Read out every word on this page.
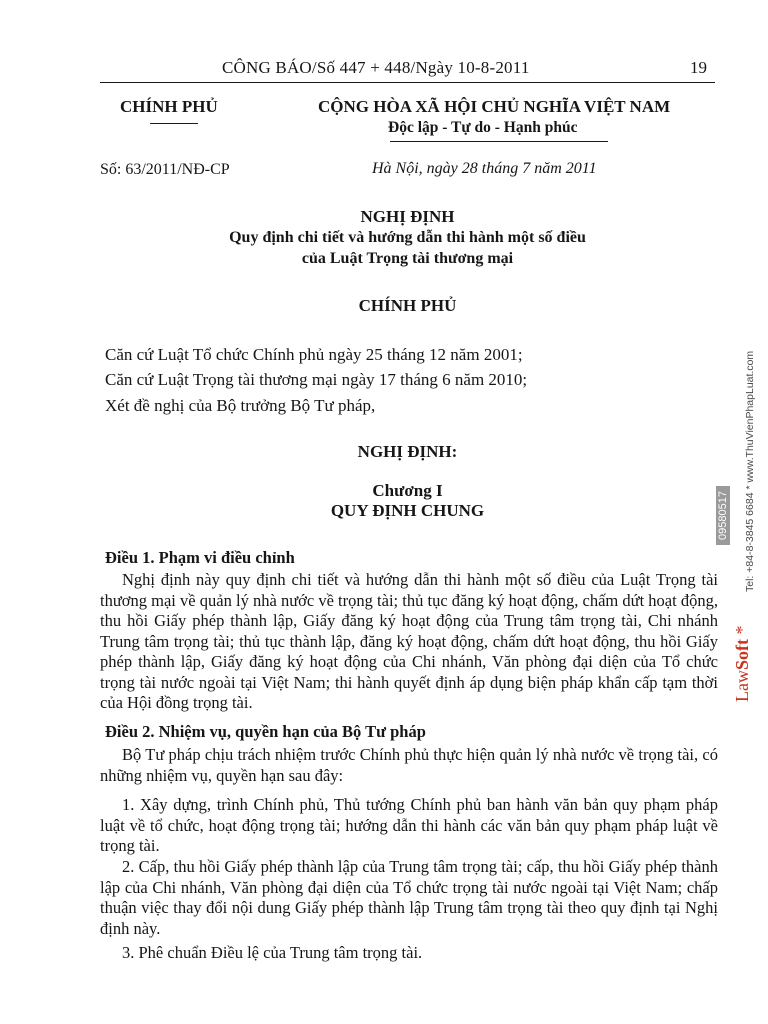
CÔNG BÁO/Số 447 + 448/Ngày 10-8-2011	19
CHÍNH PHỦ	CỘNG HÒA XÃ HỘI CHỦ NGHĨA VIỆT NAM
Độc lập - Tự do - Hạnh phúc
Số: 63/2011/NĐ-CP	Hà Nội, ngày 28 tháng 7 năm 2011
NGHỊ ĐỊNH
Quy định chi tiết và hướng dẫn thi hành một số điều
của Luật Trọng tài thương mại
CHÍNH PHỦ
Căn cứ Luật Tổ chức Chính phủ ngày 25 tháng 12 năm 2001;
Căn cứ Luật Trọng tài thương mại ngày 17 tháng 6 năm 2010;
Xét đề nghị của Bộ trưởng Bộ Tư pháp,
NGHỊ ĐỊNH:
Chương I
QUY ĐỊNH CHUNG
Điều 1. Phạm vi điều chỉnh
Nghị định này quy định chi tiết và hướng dẫn thi hành một số điều của Luật Trọng tài thương mại về quản lý nhà nước về trọng tài; thủ tục đăng ký hoạt động, chấm dứt hoạt động, thu hồi Giấy phép thành lập, Giấy đăng ký hoạt động của Trung tâm trọng tài, Chi nhánh Trung tâm trọng tài; thủ tục thành lập, đăng ký hoạt động, chấm dứt hoạt động, thu hồi Giấy phép thành lập, Giấy đăng ký hoạt động của Chi nhánh, Văn phòng đại diện của Tổ chức trọng tài nước ngoài tại Việt Nam; thi hành quyết định áp dụng biện pháp khẩn cấp tạm thời của Hội đồng trọng tài.
Điều 2. Nhiệm vụ, quyền hạn của Bộ Tư pháp
Bộ Tư pháp chịu trách nhiệm trước Chính phủ thực hiện quản lý nhà nước về trọng tài, có những nhiệm vụ, quyền hạn sau đây:
1. Xây dựng, trình Chính phủ, Thủ tướng Chính phủ ban hành văn bản quy phạm pháp luật về tổ chức, hoạt động trọng tài; hướng dẫn thi hành các văn bản quy phạm pháp luật về trọng tài.
2. Cấp, thu hồi Giấy phép thành lập của Trung tâm trọng tài; cấp, thu hồi Giấy phép thành lập của Chi nhánh, Văn phòng đại diện của Tổ chức trọng tài nước ngoài tại Việt Nam; chấp thuận việc thay đổi nội dung Giấy phép thành lập Trung tâm trọng tài theo quy định tại Nghị định này.
3. Phê chuẩn Điều lệ của Trung tâm trọng tài.
Tel: +84-8-3845 6684 * www.ThuVienPhapLuat.com
09580517
LawSoft *
